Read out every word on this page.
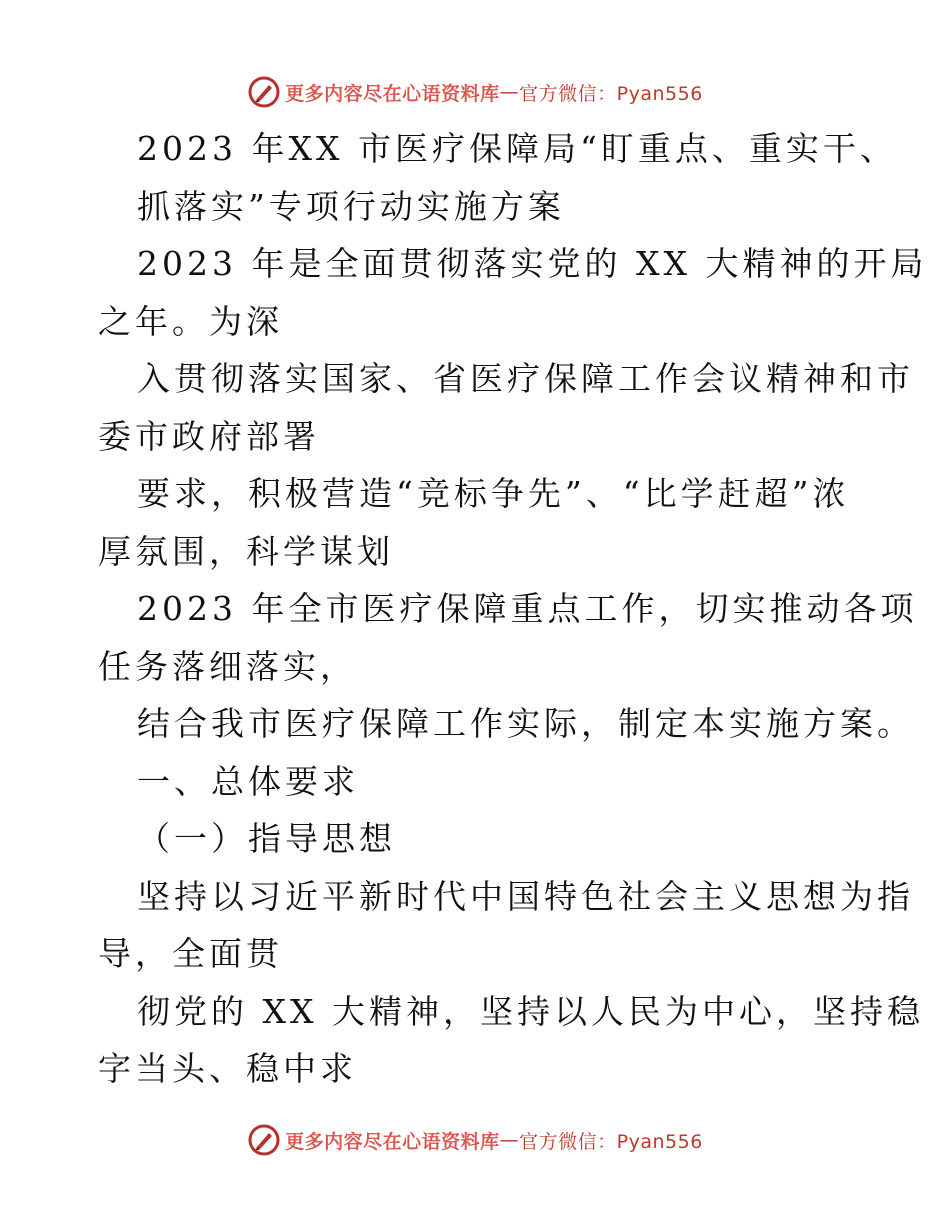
更多内容尽在心语资料库 — 官方微信：Pyan556
2023 年XX 市医疗保障局“盯重点、重实干、
抓落实”专项行动实施方案
2023 年是全面贯彻落实党的 XX 大精神的开局
之年。为深
入贯彻落实国家、省医疗保障工作会议精神和市
委市政府部署
要求，积极营造“竞标争先”、“比学赶超”浓
厚氛围，科学谋划
2023 年全市医疗保障重点工作，切实推动各项
任务落细落实，
结合我市医疗保障工作实际，制定本实施方案。
一、总体要求
（一）指导思想
坚持以习近平新时代中国特色社会主义思想为指
导，全面贯
彻党的 XX 大精神，坚持以人民为中心，坚持稳
字当头、稳中求
更多内容尽在心语资料库 — 官方微信：Pyan556
